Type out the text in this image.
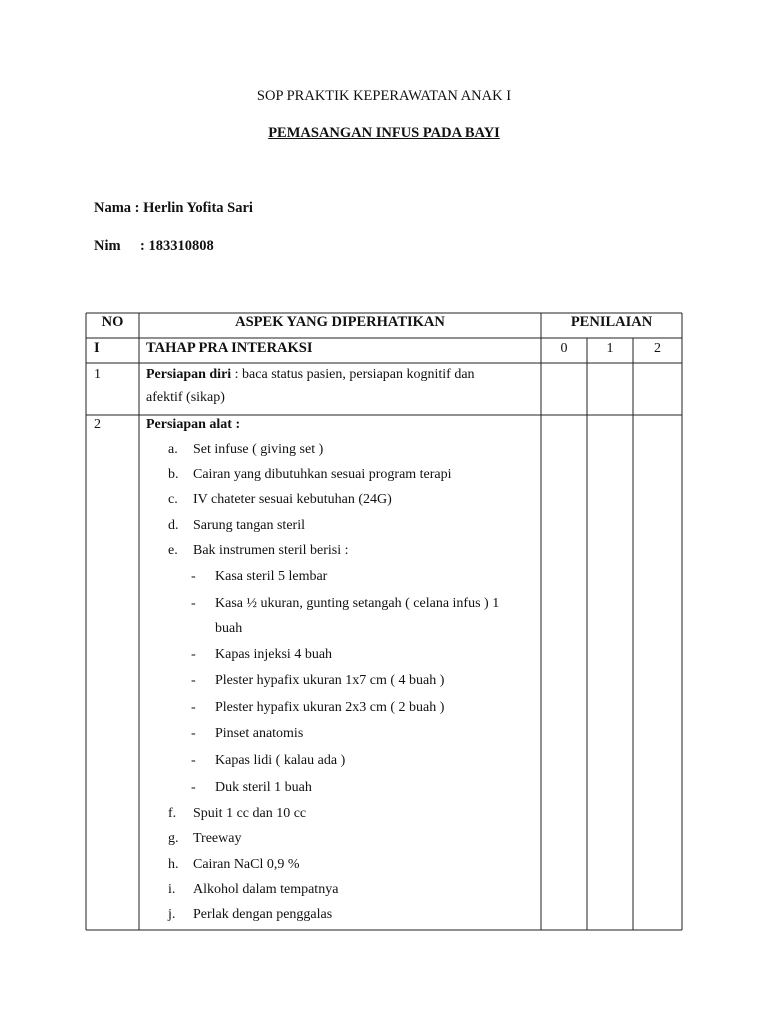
SOP PRAKTIK KEPERAWATAN ANAK I
PEMASANGAN INFUS PADA BAYI
Nama : Herlin Yofita Sari
Nim : 183310808
NO	ASPEK YANG DIPERHATIKAN	PENILAIAN
I	TAHAP PRA INTERAKSI	0	1	2
1	Persiapan diri : baca status pasien, persiapan kognitif dan
afektif (sikap)
2	Persiapan alat :
a. Set infuse ( giving set )
b. Cairan yang dibutuhkan sesuai program terapi
c. IV chateter sesuai kebutuhan (24G)
d. Sarung tangan steril
e. Bak instrumen steril berisi :
- Kasa steril 5 lembar
- Kasa ½ ukuran, gunting setangah ( celana infus ) 1
buah
- Kapas injeksi 4 buah
- Plester hypafix ukuran 1x7 cm ( 4 buah )
- Plester hypafix ukuran 2x3 cm ( 2 buah )
- Pinset anatomis
- Kapas lidi ( kalau ada )
- Duk steril 1 buah
f. Spuit 1 cc dan 10 cc
g. Treeway
h. Cairan NaCl 0,9 %
i. Alkohol dalam tempatnya
j. Perlak dengan penggalas
